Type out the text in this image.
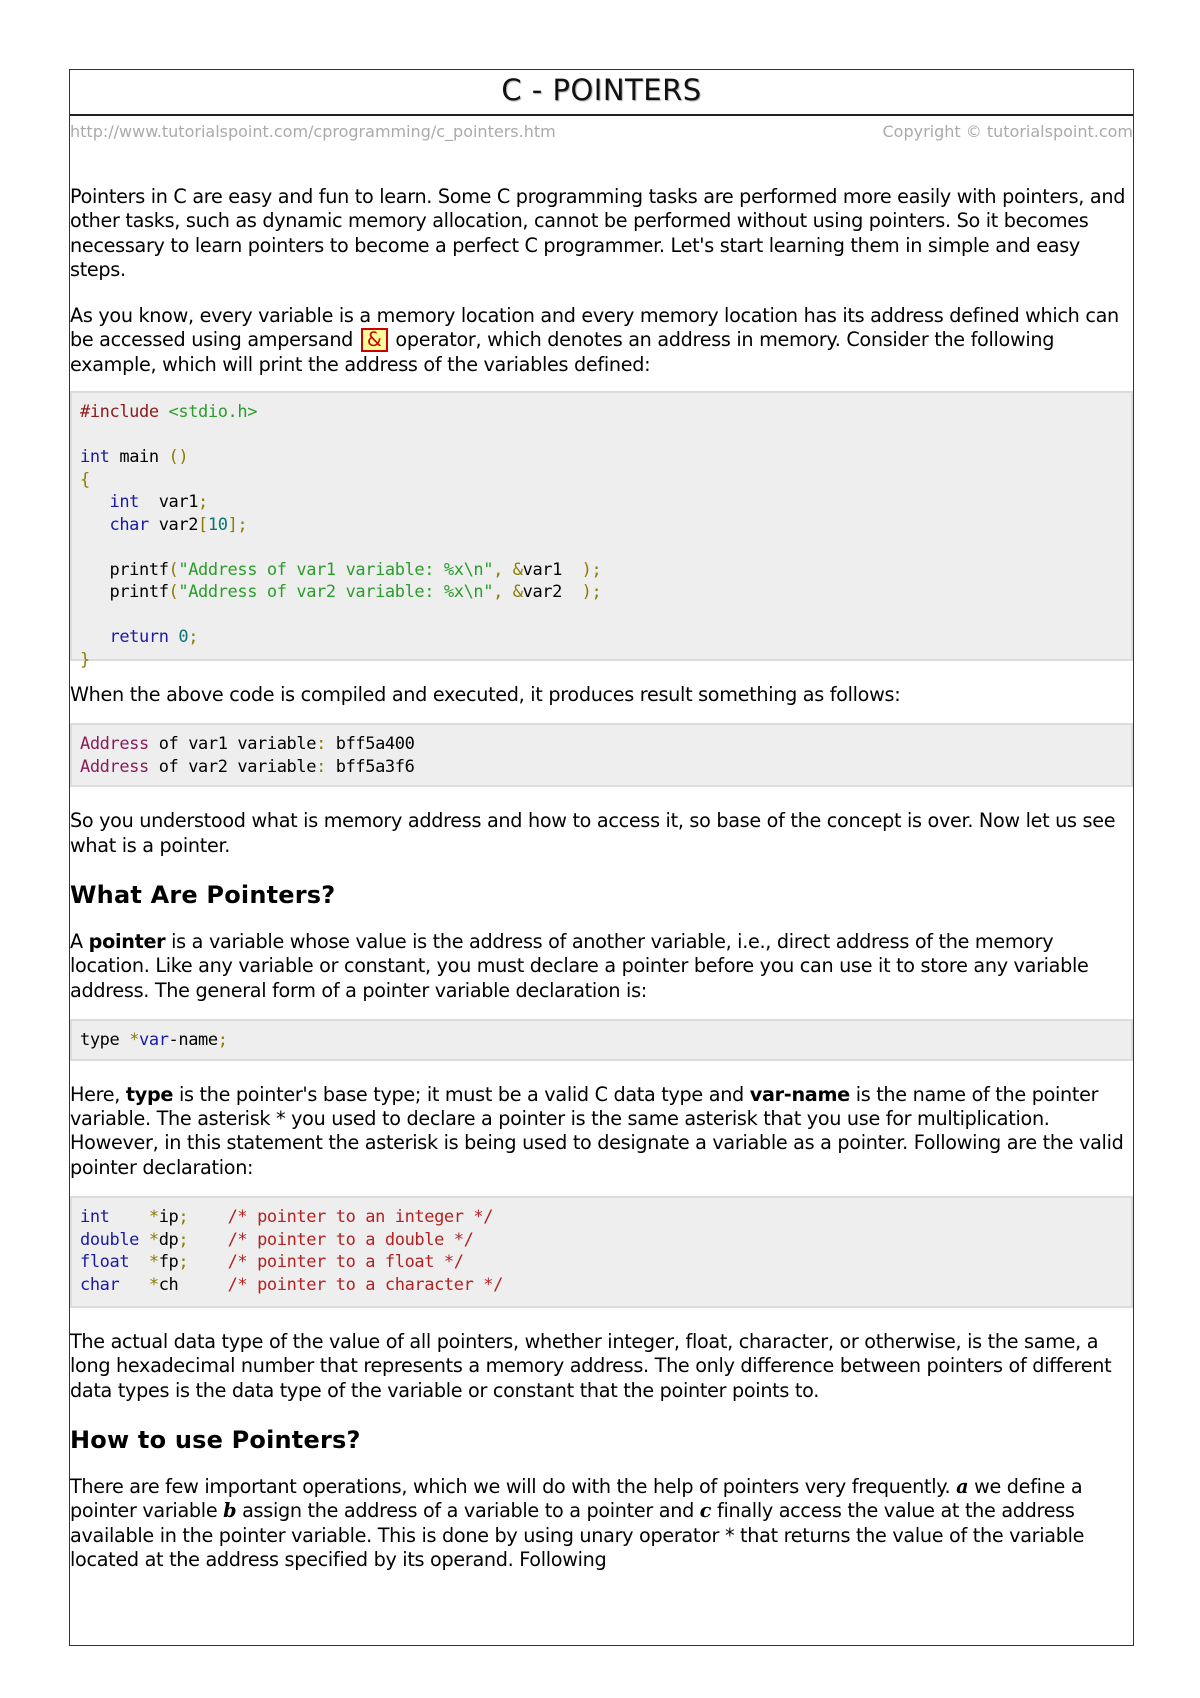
C - POINTERS
http://www.tutorialspoint.com/cprogramming/c_pointers.htm	Copyright © tutorialspoint.com

Pointers in C are easy and fun to learn. Some C programming tasks are performed more easily with pointers, and other tasks, such as dynamic memory allocation, cannot be performed without using pointers. So it becomes necessary to learn pointers to become a perfect C programmer. Let's start learning them in simple and easy steps.

As you know, every variable is a memory location and every memory location has its address defined which can be accessed using ampersand & operator, which denotes an address in memory. Consider the following example, which will print the address of the variables defined:

#include <stdio.h>

int main ()
{
int var1;
char var2[10];

printf("Address of var1 variable: %x\n", &var1 );
printf("Address of var2 variable: %x\n", &var2 );

return 0;
}

When the above code is compiled and executed, it produces result something as follows:

Address of var1 variable: bff5a400
Address of var2 variable: bff5a3f6

So you understood what is memory address and how to access it, so base of the concept is over. Now let us see what is a pointer.

What Are Pointers?

A pointer is a variable whose value is the address of another variable, i.e., direct address of the memory location. Like any variable or constant, you must declare a pointer before you can use it to store any variable address. The general form of a pointer variable declaration is:

type *var-name;

Here, type is the pointer's base type; it must be a valid C data type and var-name is the name of the pointer variable. The asterisk * you used to declare a pointer is the same asterisk that you use for multiplication. However, in this statement the asterisk is being used to designate a variable as a pointer. Following are the valid pointer declaration:

int *ip; /* pointer to an integer */
double *dp; /* pointer to a double */
float *fp; /* pointer to a float */
char *ch	/* pointer to a character */

The actual data type of the value of all pointers, whether integer, float, character, or otherwise, is the same, a long hexadecimal number that represents a memory address. The only difference between pointers of different data types is the data type of the variable or constant that the pointer points to.

How to use Pointers?

There are few important operations, which we will do with the help of pointers very frequently. a we define a pointer variable b assign the address of a variable to a pointer and c finally access the value at the address available in the pointer variable. This is done by using unary operator * that returns the value of the variable located at the address specified by its operand. Following
